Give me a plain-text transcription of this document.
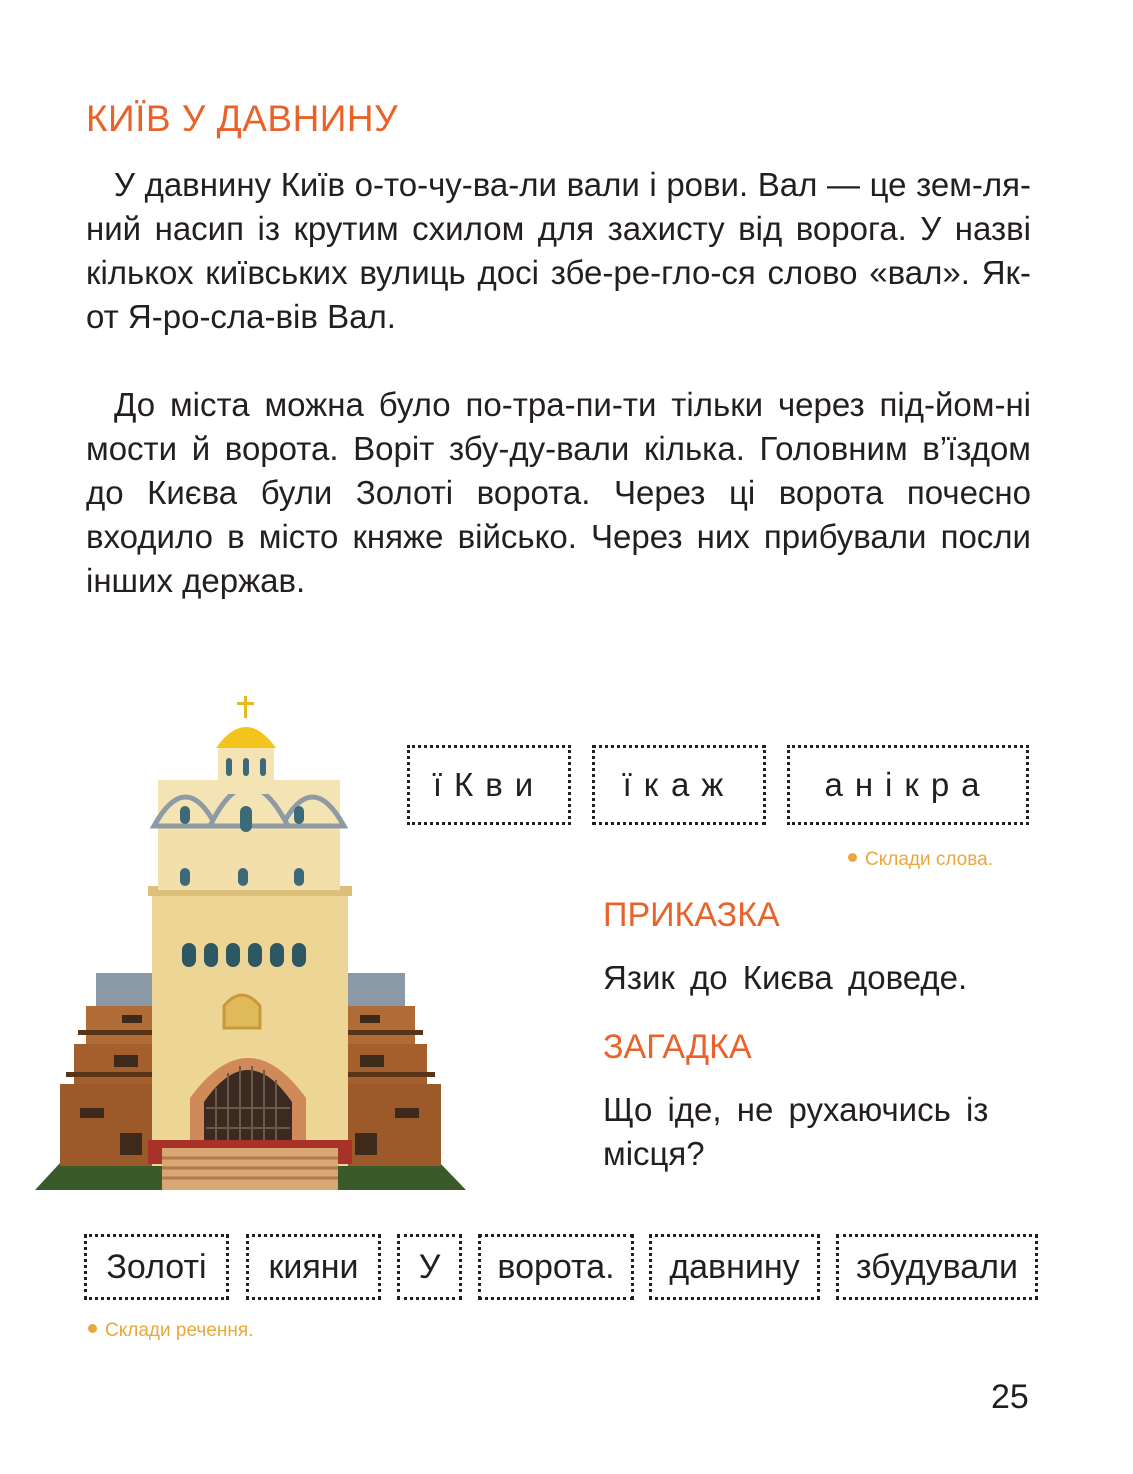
КИЇВ У ДАВНИНУ

У давнину Київ о-то-чу-ва-ли вали і рови. Вал — це зем-ля-ний насип із крутим схилом для захисту від ворога. У назві кількох київських вулиць досі збе-ре-гло-ся слово «вал». Як-от Я-ро-сла-вів Вал.

До міста можна було по-тра-пи-ти тільки через під-йом-ні мости й ворота. Воріт збу-ду-вали кілька. Головним в’їздом до Києва були Золоті ворота. Через ці ворота почесно входило в місто княже військо. Через них прибували посли інших держав.

їКви	їкаж	анікра
Склади слова.
ПРИКАЗКА

Язик до Києва доведе.

ЗАГАДКА

Що іде, не рухаючись із місця?

Золоті	кияни	У	ворота.	давнину	збудували
Склади речення.
25
